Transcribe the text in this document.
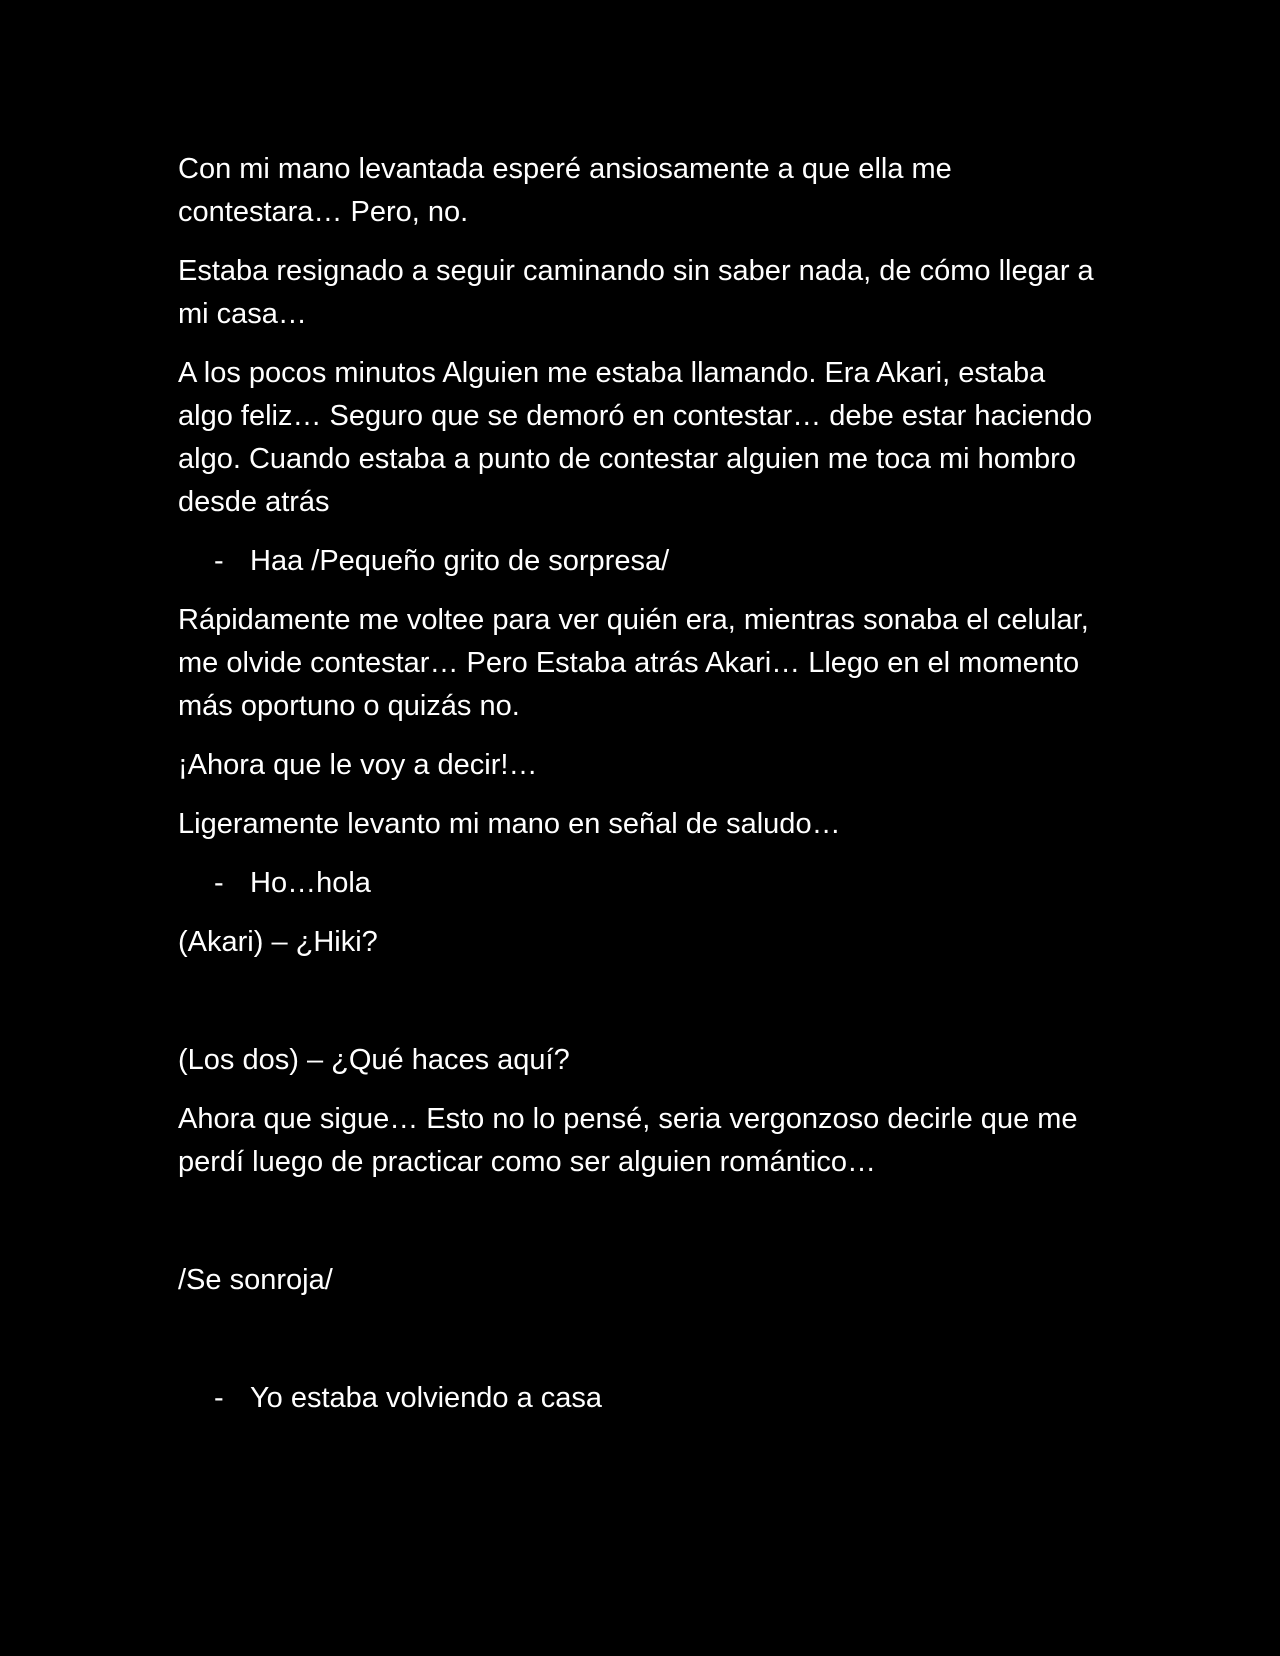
Con mi mano levantada esperé ansiosamente a que ella me contestara… Pero, no.

Estaba resignado a seguir caminando sin saber nada, de cómo llegar a mi casa…

A los pocos minutos Alguien me estaba llamando. Era Akari, estaba algo feliz… Seguro que se demoró en contestar… debe estar haciendo algo. Cuando estaba a punto de contestar alguien me toca mi hombro desde atrás

- Haa /Pequeño grito de sorpresa/

Rápidamente me voltee para ver quién era, mientras sonaba el celular, me olvide contestar… Pero Estaba atrás Akari… Llego en el momento más oportuno o quizás no.

¡Ahora que le voy a decir!…

Ligeramente levanto mi mano en señal de saludo…

- Ho…hola

(Akari) – ¿Hiki?

(Los dos) – ¿Qué haces aquí?

Ahora que sigue… Esto no lo pensé, seria vergonzoso decirle que me perdí luego de practicar como ser alguien romántico…

/Se sonroja/

- Yo estaba volviendo a casa
